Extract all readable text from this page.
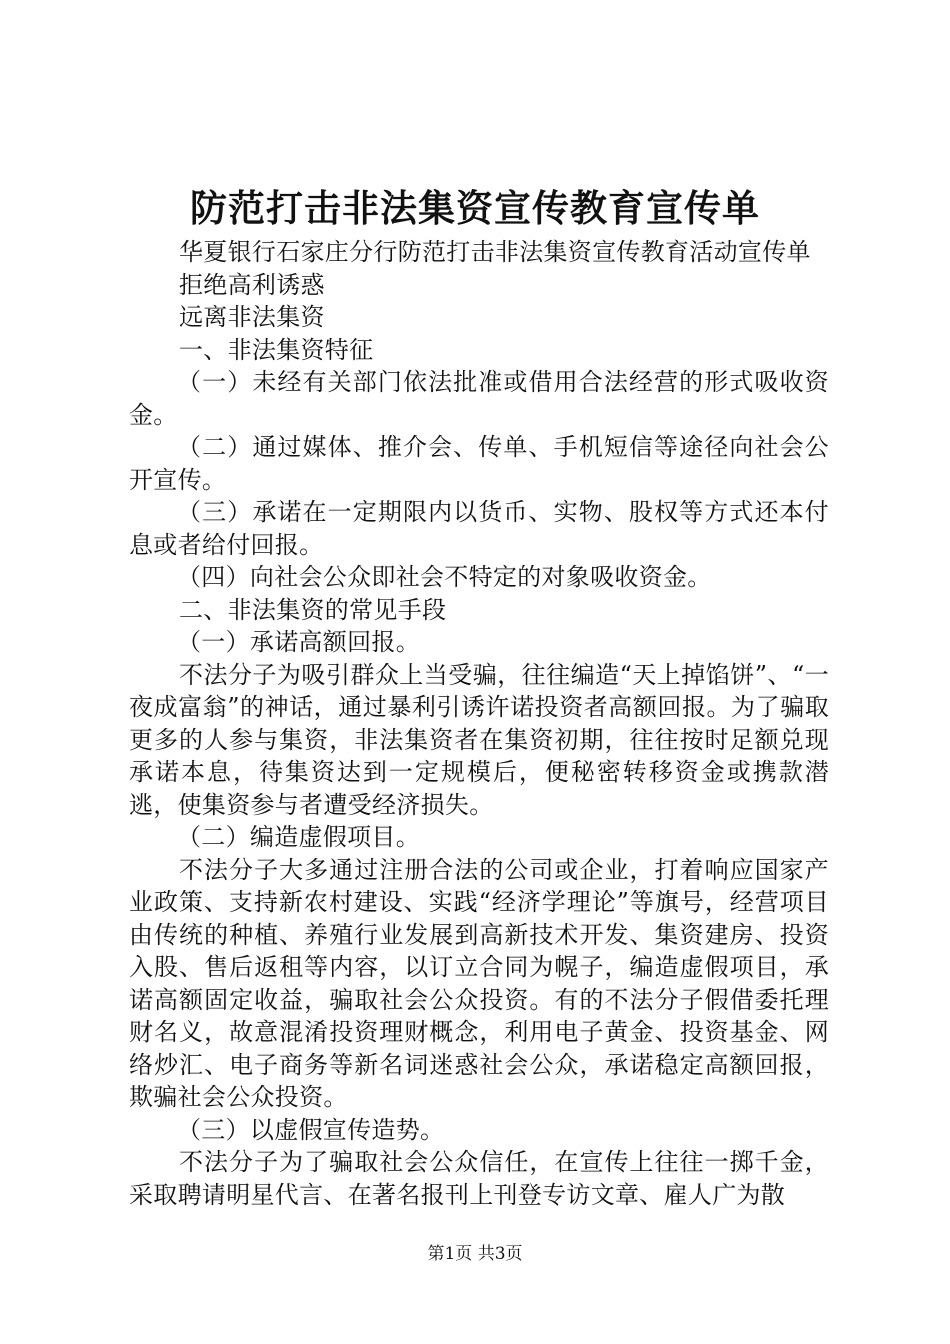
防范打击非法集资宣传教育宣传单

华夏银行石家庄分行防范打击非法集资宣传教育活动宣传单

拒绝高利诱惑

远离非法集资

一、非法集资特征

（一）未经有关部门依法批准或借用合法经营的形式吸收资金。

（二）通过媒体、推介会、传单、手机短信等途径向社会公开宣传。

（三）承诺在一定期限内以货币、实物、股权等方式还本付息或者给付回报。

（四）向社会公众即社会不特定的对象吸收资金。

二、非法集资的常见手段

（一）承诺高额回报。

不法分子为吸引群众上当受骗，往往编造“天上掉馅饼”、“一夜成富翁”的神话，通过暴利引诱许诺投资者高额回报。为了骗取更多的人参与集资，非法集资者在集资初期，往往按时足额兑现承诺本息，待集资达到一定规模后，便秘密转移资金或携款潜逃，使集资参与者遭受经济损失。

（二）编造虚假项目。

不法分子大多通过注册合法的公司或企业，打着响应国家产业政策、支持新农村建设、实践“经济学理论”等旗号，经营项目由传统的种植、养殖行业发展到高新技术开发、集资建房、投资入股、售后返租等内容，以订立合同为幌子，编造虚假项目，承诺高额固定收益，骗取社会公众投资。有的不法分子假借委托理财名义，故意混淆投资理财概念，利用电子黄金、投资基金、网络炒汇、电子商务等新名词迷惑社会公众，承诺稳定高额回报，欺骗社会公众投资。

（三）以虚假宣传造势。

不法分子为了骗取社会公众信任，在宣传上往往一掷千金，采取聘请明星代言、在著名报刊上刊登专访文章、雇人广为散

第1页 共3页
